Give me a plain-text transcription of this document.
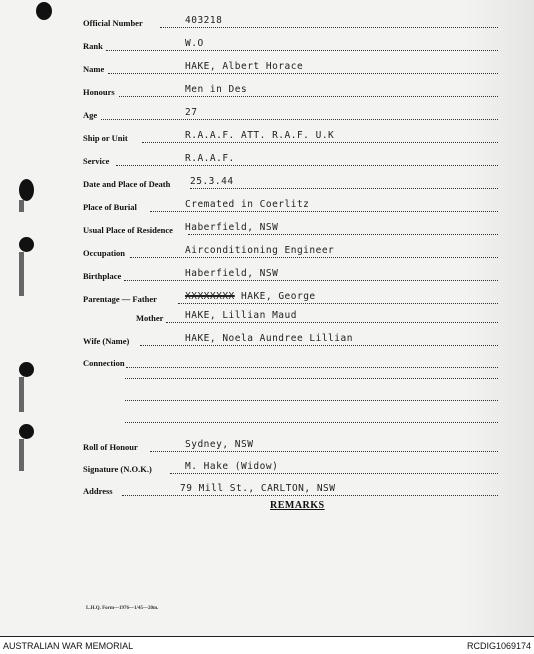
Official Number	403218
Rank	W.O
Name	HAKE, Albert Horace
Honours	Men in Des
Age	27
Ship or Unit	R.A.A.F. ATT. R.A.F. U.K
Service	R.A.A.F.
Date and Place of Death 25.3.44
Place of Burial	Cremated in Coerlitz
Usual Place of Residence Haberfield, NSW
Occupation	Airconditioning Engineer
Birthplace	Haberfield, NSW
Parentage — Father	XXXXXXXX HAKE, George
Mother HAKE, Lillian Maud
Wife (Name)	HAKE, Noela Aundree Lillian
Connection
Roll of Honour	Sydney, NSW
Signature (N.O.K.)	M. Hake (Widow)
Address	79 Mill St., CARLTON, NSW
REMARKS
L.H.Q. Form—1976—1/45—20m.
AUSTRALIAN WAR MEMORIAL	RCDIG1069174
